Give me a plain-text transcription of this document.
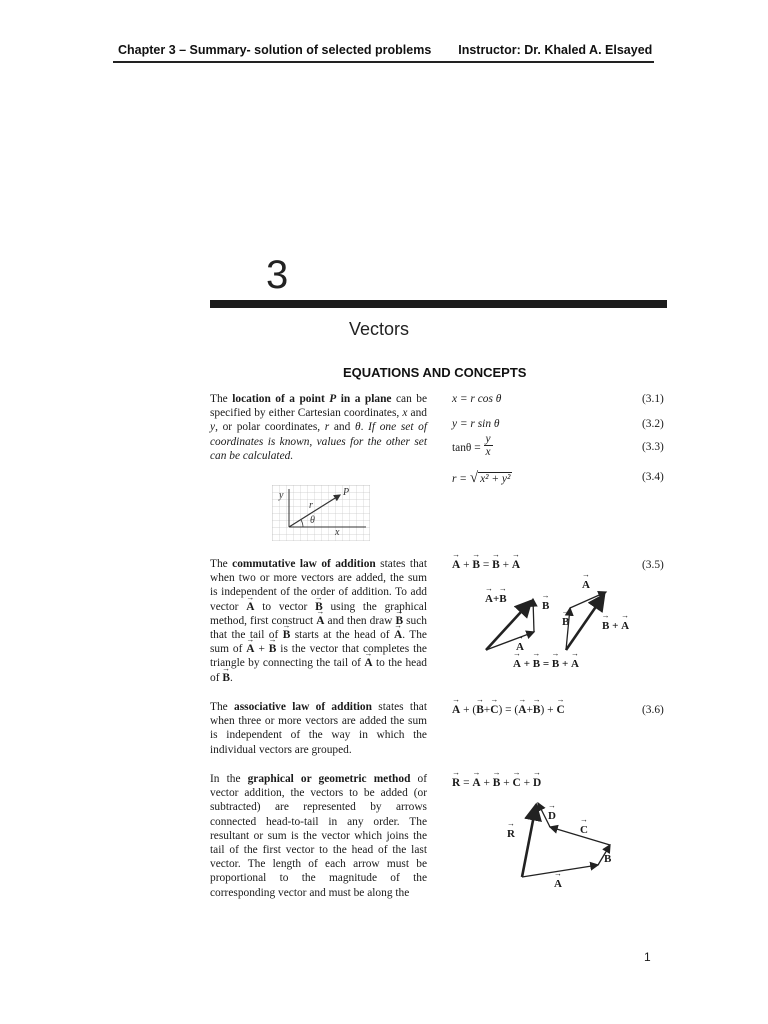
Chapter 3 – Summary- solution of selected problems Instructor: Dr. Khaled A. Elsayed
3
Vectors
EQUATIONS AND CONCEPTS
The location of a point P in a plane can be specified by either Cartesian coordinates, x and y, or polar coordinates, r and θ. If one set of coordinates is known, values for the other set can be calculated.
x = r cos θ	(3.1)
y = r sin θ	(3.2)
$\tan\theta = \frac{y}{x}$	(3.3)
r = √ x² + y²	(3.4)
y
x
r
θ
P
The commutative law of addition states that when two or more vectors are added, the sum is independent of the order of addition. To add vector → A to vector → B using the graphical method, first construct → A and then draw → B such that the tail of → B starts at the head of → A. The sum of → A + → B is the vector that completes the triangle by connecting the tail of → A to the head of → B.
→ A + → B = → B + → A	(3.5)
→ A+→ B
→ B
→ A
→ B
→ A
→ B + → A
→ A + → B = → B + → A
The associative law of addition states that when three or more vectors are added the sum is independent of the way in which the individual vectors are grouped.
→ A + (→ B+→ C) = (→ A+→ B) + → C	(3.6)
In the graphical or geometric method of vector addition, the vectors to be added (or subtracted) are represented by arrows connected head-to-tail in any order. The resultant or sum is the vector which joins the tail of the first vector to the head of the last vector. The length of each arrow must be proportional to the magnitude of the corresponding vector and must be along the
→ R = → A + → B + → C + → D
→ R
→ D
→ C
→ B
→ A
1
